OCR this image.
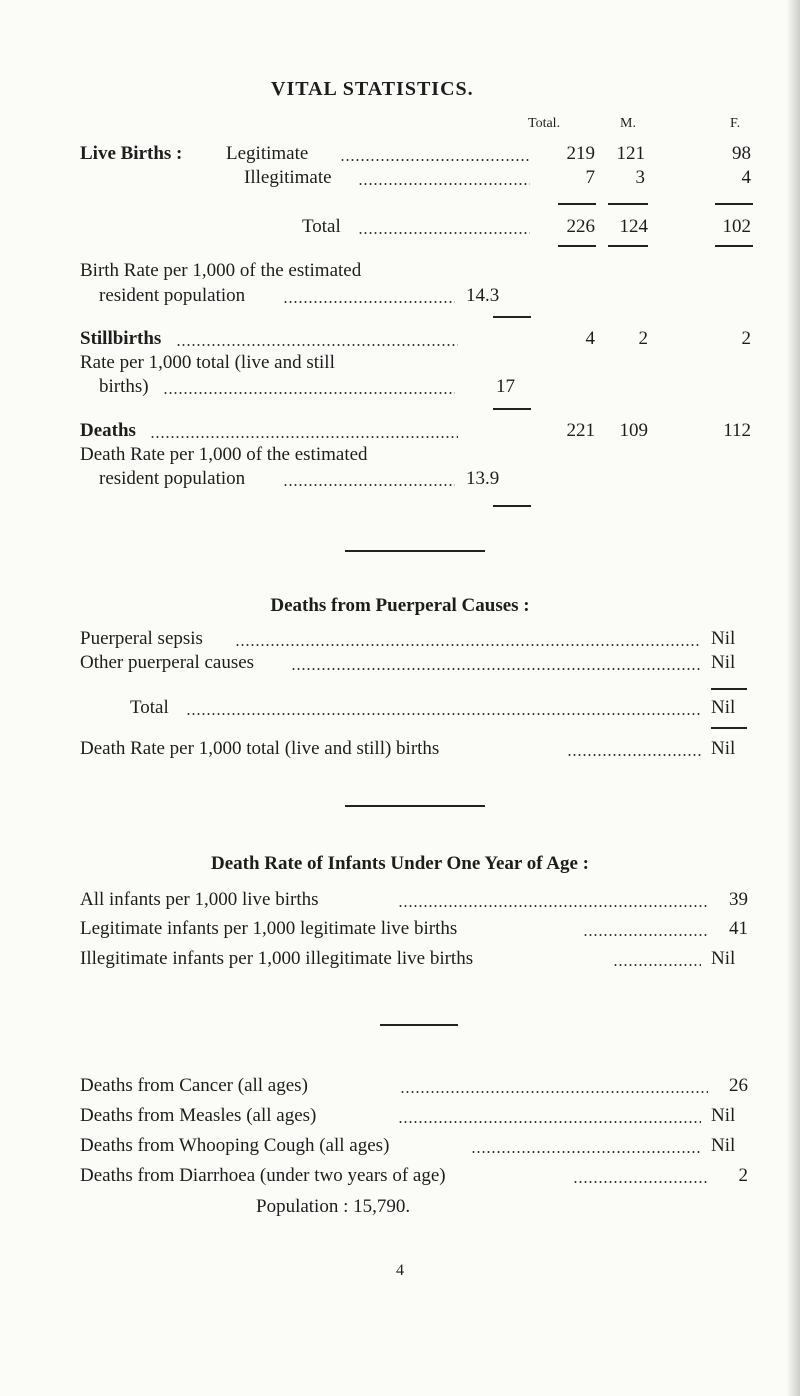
VITAL STATISTICS.
Total.	M.	F.
Live Births : Legitimate	219	121	98
Illegitimate	7	3	4
Total	226	124	102
Birth Rate per 1,000 of the estimated
resident population	14.3
Stillbirths	4	2	2
Rate per 1,000 total (live and still
births)	17
Deaths	221	109	112
Death Rate per 1,000 of the estimated
resident population	13.9
Deaths from Puerperal Causes :
Puerperal sepsis	Nil
Other puerperal causes	Nil
Total	Nil
Death Rate per 1,000 total (live and still) births	Nil
Death Rate of Infants Under One Year of Age :
All infants per 1,000 live births	39
Legitimate infants per 1,000 legitimate live births	41
Illegitimate infants per 1,000 illegitimate live births	Nil
Deaths from Cancer (all ages)	26
Deaths from Measles (all ages)	Nil
Deaths from Whooping Cough (all ages)	Nil
Deaths from Diarrhoea (under two years of age)	2
Population : 15,790.
4
